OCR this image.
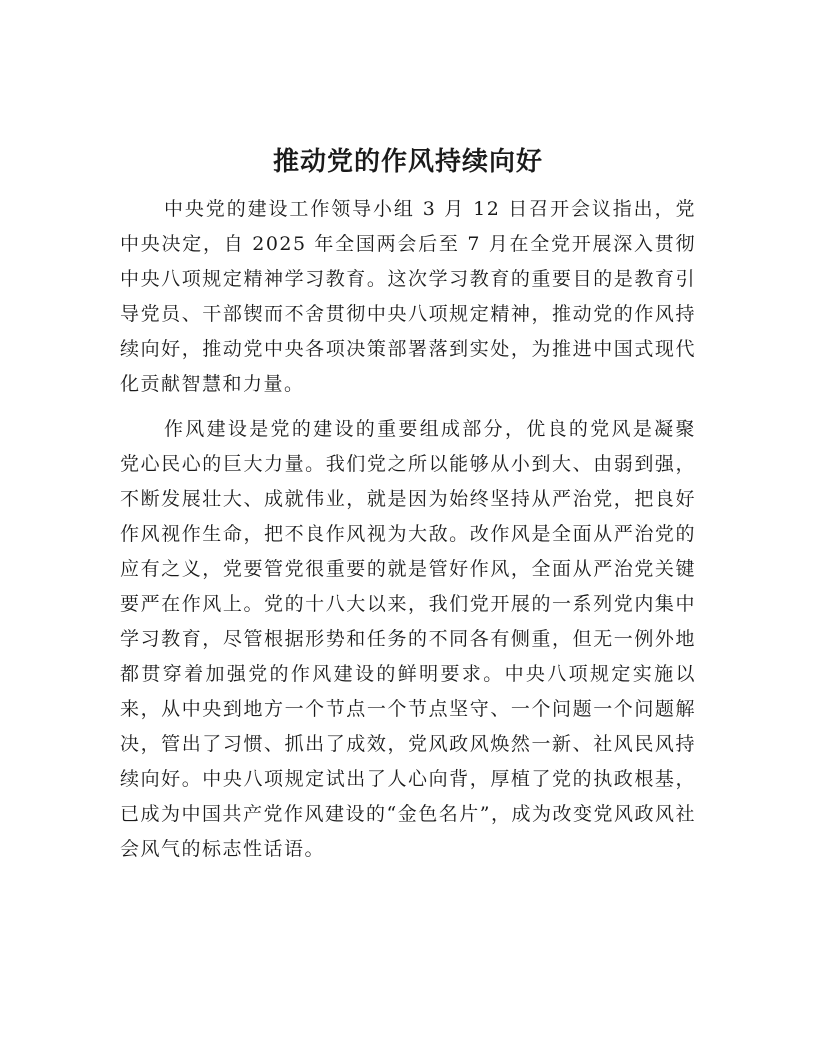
推动党的作风持续向好

中央党的建设工作领导小组 3 月 12 日召开会议指出，党中央决定，自 2025 年全国两会后至 7 月在全党开展深入贯彻中央八项规定精神学习教育。这次学习教育的重要目的是教育引导党员、干部锲而不舍贯彻中央八项规定精神，推动党的作风持续向好，推动党中央各项决策部署落到实处，为推进中国式现代化贡献智慧和力量。

作风建设是党的建设的重要组成部分，优良的党风是凝聚党心民心的巨大力量。我们党之所以能够从小到大、由弱到强，不断发展壮大、成就伟业，就是因为始终坚持从严治党，把良好作风视作生命，把不良作风视为大敌。改作风是全面从严治党的应有之义，党要管党很重要的就是管好作风，全面从严治党关键要严在作风上。党的十八大以来，我们党开展的一系列党内集中学习教育，尽管根据形势和任务的不同各有侧重，但无一例外地都贯穿着加强党的作风建设的鲜明要求。中央八项规定实施以来，从中央到地方一个节点一个节点坚守、一个问题一个问题解决，管出了习惯、抓出了成效，党风政风焕然一新、社风民风持续向好。中央八项规定试出了人心向背，厚植了党的执政根基，已成为中国共产党作风建设的“金色名片”，成为改变党风政风社会风气的标志性话语。
